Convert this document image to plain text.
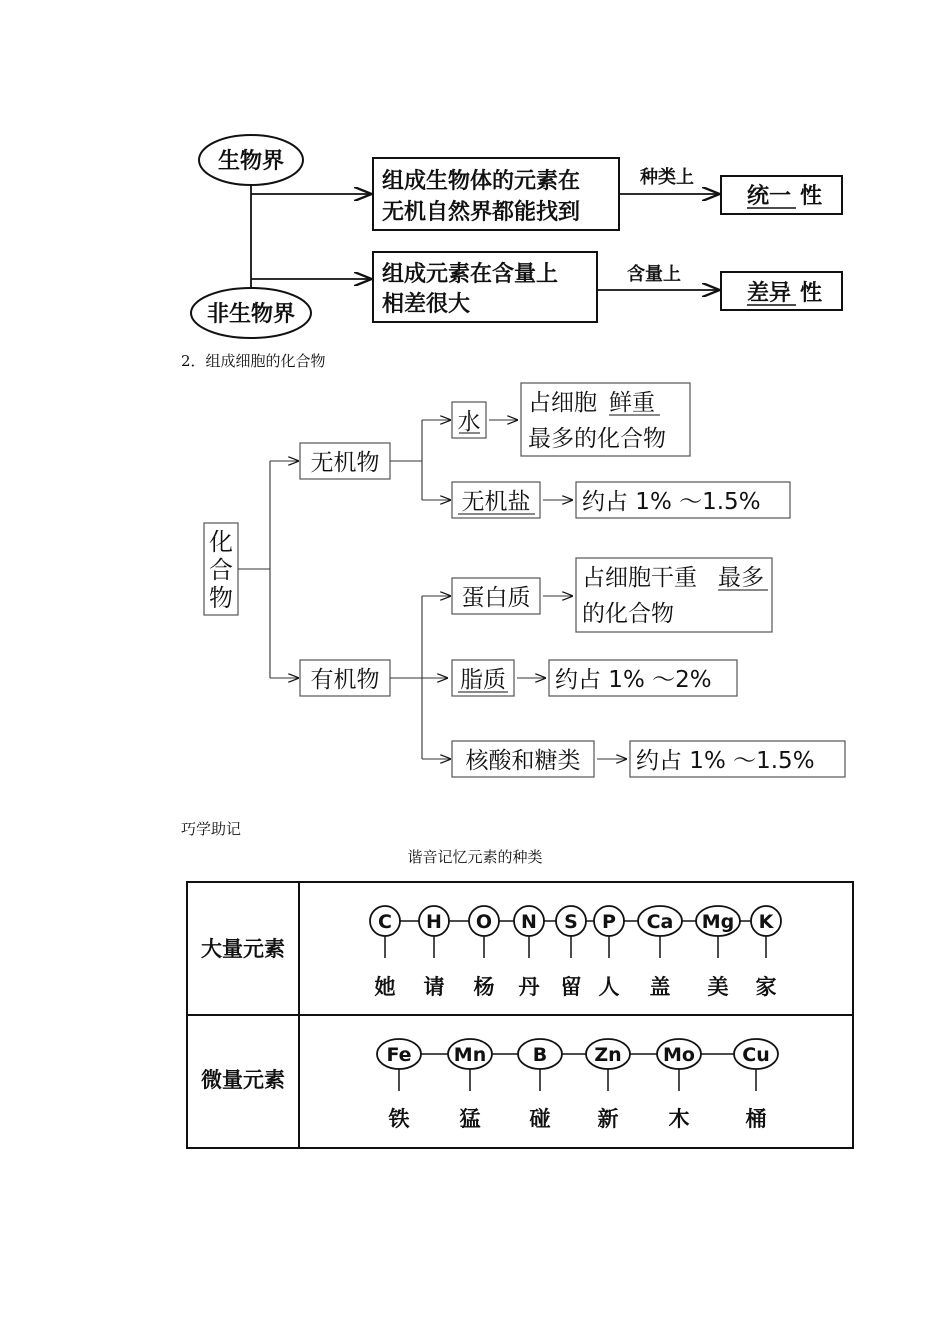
生物界
非生物界
组成生物体的元素在
无机自然界都能找到
种类上
统一 性
组成元素在含量上
相差很大
含量上
差异 性
2．组成细胞的化合物
化
合
物
无机物
水
占细胞 鲜重
最多的化合物
无机盐 约占 1% ～1.5%
有机物
蛋白质
占细胞干重 最多
的化合物
脂质 约占 1% ～2%
核酸和糖类 约占 1% ～1.5%
巧学助记
谐音记忆元素的种类
大量元素
微量元素
C
她
H
请
O
杨
N
丹
S
留
P
人
Ca
盖
Mg
美
K
家
Fe
铁
Mn
猛
B
碰
Zn
新
Mo
木
Cu
桶
